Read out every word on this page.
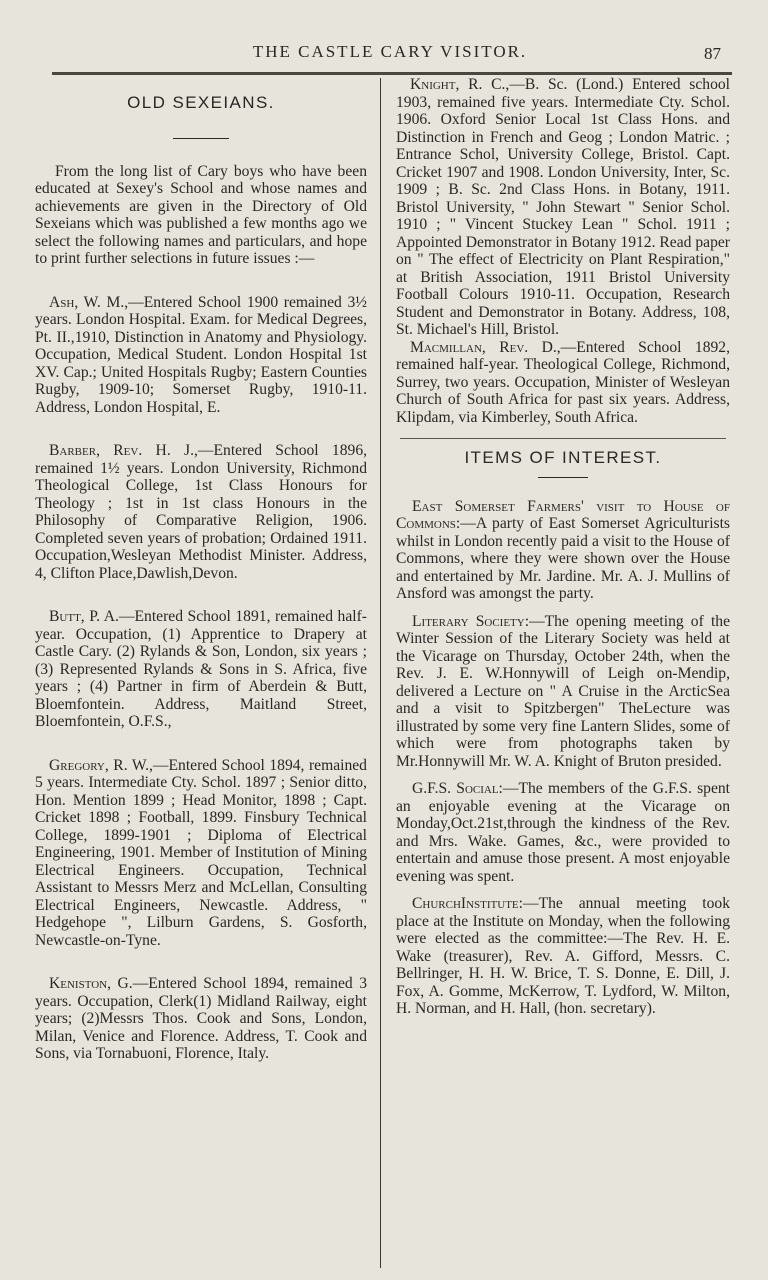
THE CASTLE CARY VISITOR.	87
OLD SEXEIANS.

From the long list of Cary boys who have been educated at Sexey's School and whose names and achievements are given in the Directory of Old Sexeians which was published a few months ago we select the following names and particulars, and hope to print further selections in future issues :—

Ash, W. M.,—Entered School 1900 remained 3½ years. London Hospital. Exam. for Medical Degrees, Pt. II.,1910, Distinction in Anatomy and Physiology. Occupation, Medical Student. London Hospital 1st XV. Cap.; United Hospitals Rugby; Eastern Counties Rugby, 1909-10; Somerset Rugby, 1910-11. Address, London Hospital, E.

Barber, Rev. H. J.,—Entered School 1896, remained 1½ years. London University, Richmond Theological College, 1st Class Honours for Theology ; 1st in 1st class Honours in the Philosophy of Comparative Religion, 1906. Completed seven years of probation; Ordained 1911. Occupation,Wesleyan Methodist Minister. Address, 4, Clifton Place,Dawlish,Devon.

Butt, P. A.—Entered School 1891, remained half-year. Occupation, (1) Apprentice to Drapery at Castle Cary. (2) Rylands & Son, London, six years ; (3) Represented Rylands & Sons in S. Africa, five years ; (4) Partner in firm of Aberdein & Butt, Bloemfontein. Address, Maitland Street, Bloemfontein, O.F.S.,

Gregory, R. W.,—Entered School 1894, remained 5 years. Intermediate Cty. Schol. 1897 ; Senior ditto, Hon. Mention 1899 ; Head Monitor, 1898 ; Capt. Cricket 1898 ; Football, 1899. Finsbury Technical College, 1899-1901 ; Diploma of Electrical Engineering, 1901. Member of Institution of Mining Electrical Engineers. Occupation, Technical Assistant to Messrs Merz and McLellan, Consulting Electrical Engineers, Newcastle. Address, " Hedgehope ", Lilburn Gardens, S. Gosforth, Newcastle-on-Tyne.

Keniston, G.—Entered School 1894, remained 3 years. Occupation, Clerk(1) Midland Railway, eight years; (2)Messrs Thos. Cook and Sons, London, Milan, Venice and Florence. Address, T. Cook and Sons, via Tornabuoni, Florence, Italy.

Knight, R. C.,—B. Sc. (Lond.) Entered school 1903, remained five years. Intermediate Cty. Schol. 1906. Oxford Senior Local 1st Class Hons. and Distinction in French and Geog ; London Matric. ; Entrance Schol, University College, Bristol. Capt. Cricket 1907 and 1908. London University, Inter, Sc. 1909 ; B. Sc. 2nd Class Hons. in Botany, 1911. Bristol University, " John Stewart " Senior Schol. 1910 ; " Vincent Stuckey Lean " Schol. 1911 ; Appointed Demonstrator in Botany 1912. Read paper on " The effect of Electricity on Plant Respiration," at British Association, 1911 Bristol University Football Colours 1910-11. Occupation, Research Student and Demonstrator in Botany. Address, 108, St. Michael's Hill, Bristol.

Macmillan, Rev. D.,—Entered School 1892, remained half-year. Theological College, Richmond, Surrey, two years. Occupation, Minister of Wesleyan Church of South Africa for past six years. Address, Klipdam, via Kimberley, South Africa.

ITEMS OF INTEREST.

East Somerset Farmers' visit to House of Commons:—A party of East Somerset Agriculturists whilst in London recently paid a visit to the House of Commons, where they were shown over the House and entertained by Mr. Jardine. Mr. A. J. Mullins of Ansford was amongst the party.

Literary Society:—The opening meeting of the Winter Session of the Literary Society was held at the Vicarage on Thursday, October 24th, when the Rev. J. E. W.Honnywill of Leigh on-Mendip, delivered a Lecture on " A Cruise in the ArcticSea and a visit to Spitzbergen" TheLecture was illustrated by some very fine Lantern Slides, some of which were from photographs taken by Mr.Honnywill Mr. W. A. Knight of Bruton presided.

G.F.S. Social:—The members of the G.F.S. spent an enjoyable evening at the Vicarage on Monday,Oct.21st,through the kindness of the Rev. and Mrs. Wake. Games, &c., were provided to entertain and amuse those present. A most enjoyable evening was spent.

ChurchInstitute:—The annual meeting took place at the Institute on Monday, when the following were elected as the committee:—The Rev. H. E. Wake (treasurer), Rev. A. Gifford, Messrs. C. Bellringer, H. H. W. Brice, T. S. Donne, E. Dill, J. Fox, A. Gomme, McKerrow, T. Lydford, W. Milton, H. Norman, and H. Hall, (hon. secretary).
